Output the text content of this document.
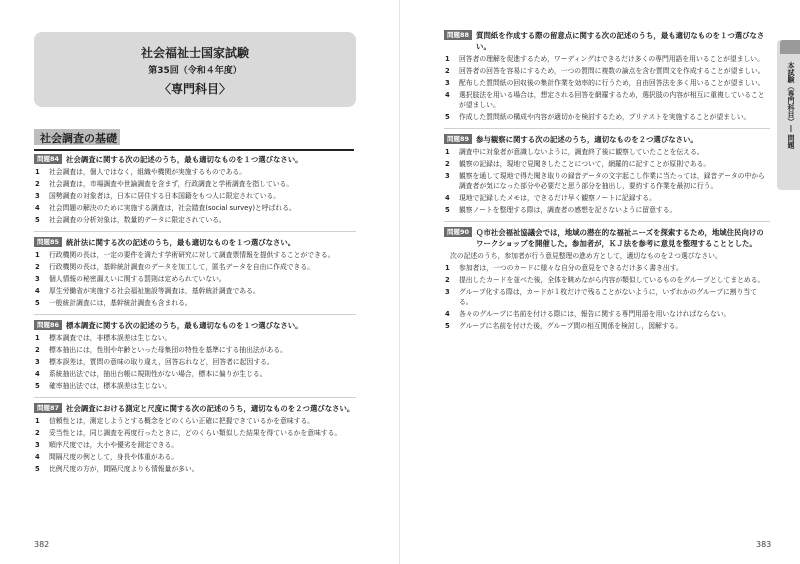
社会福祉士国家試験
第35回（令和４年度）
〈専門科目〉
社会調査の基礎
問題84 社会調査に関する次の記述のうち，最も適切なものを１つ選びなさい。
1	社会調査は，個人ではなく，組織や機関が実施するものである。
2	社会調査は，市場調査や世論調査を含まず，行政調査と学術調査を指している。
3	国勢調査の対象者は，日本に居住する日本国籍をもつ人に限定されている。
4	社会問題の解決のために実施する調査は，社会踏査(social survey)と呼ばれる。
5	社会調査の分析対象は，数量的データに限定されている。
問題85 統計法に関する次の記述のうち，最も適切なものを１つ選びなさい。
1	行政機関の長は，一定の要件を満たす学術研究に対して調査票情報を提供することができる。
2	行政機関の長は，基幹統計調査のデータを加工して，匿名データを自由に作成できる。
3	個人情報の秘密漏えいに関する罰則は定められていない。
4	厚生労働省が実施する社会福祉施設等調査は，基幹統計調査である。
5	一般統計調査には，基幹統計調査も含まれる。
問題86 標本調査に関する次の記述のうち，最も適切なものを１つ選びなさい。
1	標本調査では，非標本誤差は生じない。
2	標本抽出には，性別や年齢といった母集団の特性を基準にする抽出法がある。
3	標本誤差は，質問の意味の取り違え，回答忘れなど，回答者に起因する。
4	系統抽出法では，抽出台帳に規則性がない場合，標本に偏りが生じる。
5	確率抽出法では，標本誤差は生じない。
問題87 社会調査における測定と尺度に関する次の記述のうち，適切なものを２つ選びなさい。
1	信頼性とは，測定しようとする概念をどのくらい正確に把握できているかを意味する。
2	妥当性とは，同じ調査を再度行ったときに，どのくらい類似した結果を得ているかを意味する。
3	順序尺度では，大小や優劣を測定できる。
4	間隔尺度の例として，身長や体重がある。
5	比例尺度の方が，間隔尺度よりも情報量が多い。
382
問題88 質問紙を作成する際の留意点に関する次の記述のうち，最も適切なものを１つ選びなさい。
1	回答者の理解を促進するため，ワーディングはできるだけ多くの専門用語を用いることが望ましい。
2	回答者の回答を容易にするため，一つの質問に複数の論点を含む質問文を作成することが望ましい。
3	配布した質問紙の回収後の集計作業を効率的に行うため，自由回答法を多く用いることが望ましい。
4	選択肢法を用いる場合は，想定される回答を網羅するため，選択肢の内容が相互に重複していることが望ましい。
5	作成した質問紙の構成や内容が適切かを検討するため，プリテストを実施することが望ましい。
問題89 参与観察に関する次の記述のうち，適切なものを２つ選びなさい。
1	調査中に対象者が意識しないように，調査終了後に観察していたことを伝える。
2	観察の記録は，現地で見聞きしたことについて，網羅的に記すことが原則である。
3	観察を通して現地で得た聞き取りの録音データの文字起こし作業に当たっては，録音データの中から調査者が気になった部分や必要だと思う部分を抽出し，要約する作業を最初に行う。
4	現地で記録したメモは，できるだけ早く観察ノートに記録する。
5	観察ノートを整理する際は，調査者の感想を記さないように留意する。
問題90 Ｑ市社会福祉協議会では，地域の潜在的な福祉ニーズを探索するため，地域住民向けのワークショップを開催した。参加者が，ＫＪ法を参考に意見を整理することとした。
次の記述のうち，参加者が行う意見整理の進め方として，適切なものを２つ選びなさい。
1	参加者は，一つのカードに様々な自分の意見をできるだけ多く書き出す。
2	提出したカードを並べた後，全体を眺めながら内容が類似しているものをグループとしてまとめる。
3	グループ化する際は，カードが１枚だけで残ることがないように，いずれかのグループに割り当てる。
4	各々のグループに名前を付ける際には，報告に関する専門用語を用いなければならない。
5	グループに名前を付けた後，グループ間の相互関係を検討し，図解する。
383
本試験（専門科目）― 問題
